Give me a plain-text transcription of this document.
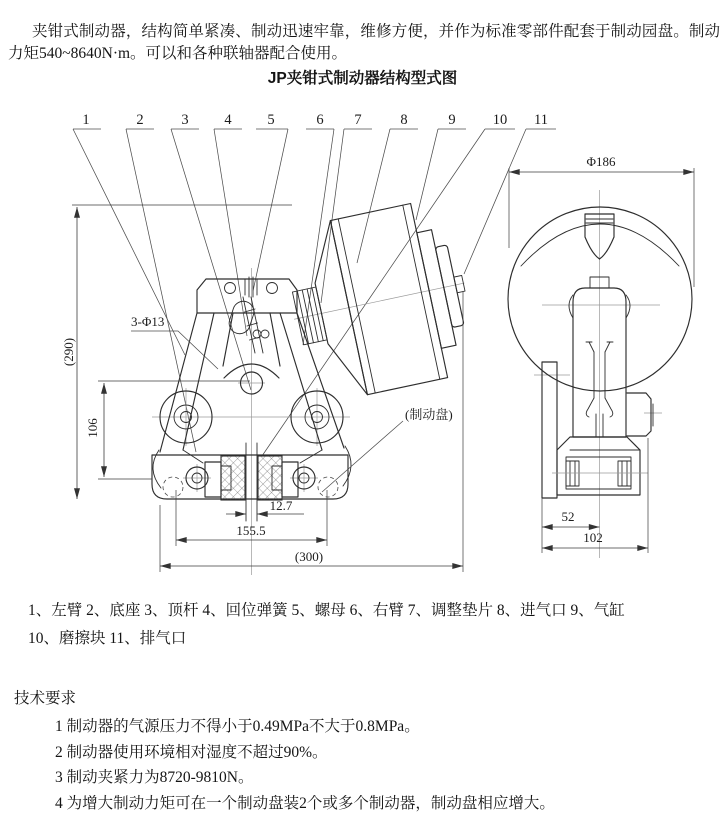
夹钳式制动器，结构简单紧凑、制动迅速牢靠，维修方便，并作为标准零部件配套于制动园盘。制动力矩540~8640N·m。可以和各种联轴器配合使用。

JP夹钳式制动器结构型式图
1	2	3 4 5	6 7	8	9	10 11
(290)
106
3-Φ13
12.7
155.5
(300)
(制动盘)
Φ186
52
102
1、左臂 2、底座 3、顶杆 4、回位弹簧 5、螺母 6、右臂 7、调整垫片 8、进气口 9、气缸
10、磨擦块 11、排气口
技术要求
1 制动器的气源压力不得小于0.49MPa不大于0.8MPa。
2 制动器使用环境相对湿度不超过90%。
3 制动夹紧力为8720-9810N。
4 为增大制动力矩可在一个制动盘装2个或多个制动器，制动盘相应增大。
